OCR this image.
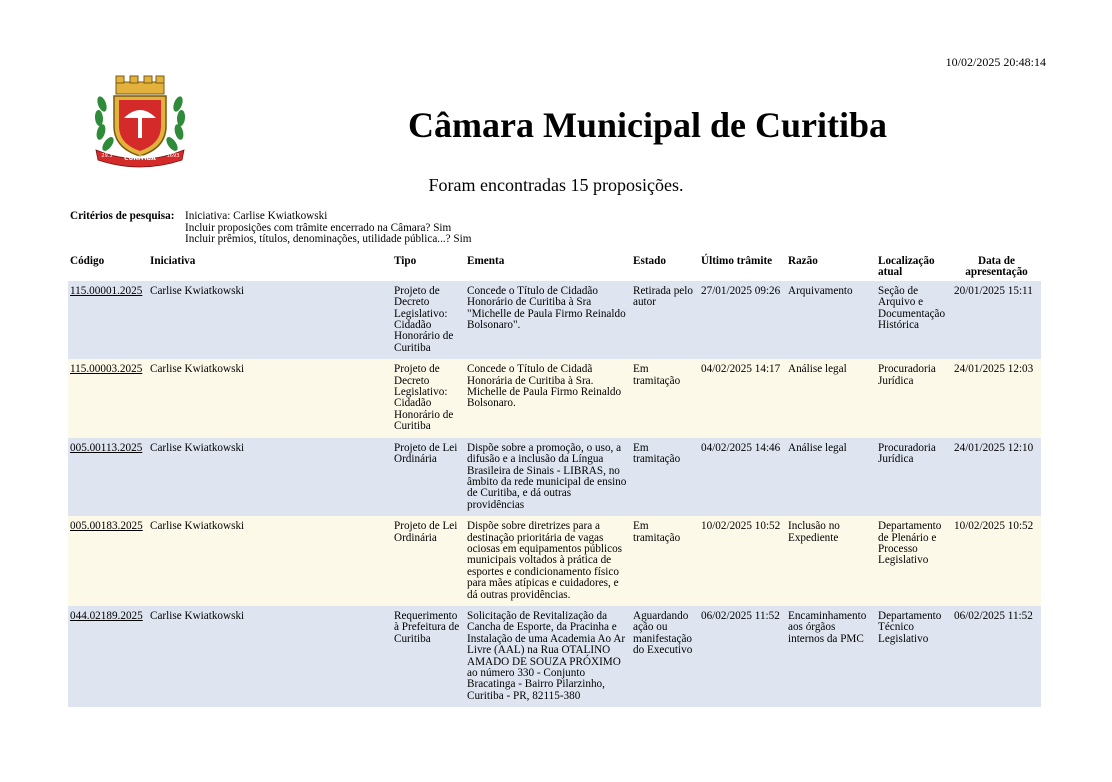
10/02/2025 20:48:14
CURITIBA
29.3	1693
Câmara Municipal de Curitiba
Foram encontradas 15 proposições.
Critérios de pesquisa: Iniciativa: Carlise Kwiatkowski
Incluir proposições com trâmite encerrado na Câmara? Sim
Incluir prêmios, títulos, denominações, utilidade pública...? Sim
Código	Iniciativa	Tipo	Ementa	Estado	Último trâmite	Razão	Localização atual	Data de apresentação
115.00001.2025	Carlise Kwiatkowski	Projeto de Decreto Legislativo: Cidadão Honorário de Curitiba	Concede o Título de Cidadão Honorário de Curitiba à Sra "Michelle de Paula Firmo Reinaldo Bolsonaro".	Retirada pelo autor	27/01/2025 09:26	Arquivamento	Seção de Arquivo e Documentação Histórica	20/01/2025 15:11
115.00003.2025	Carlise Kwiatkowski	Projeto de Decreto Legislativo: Cidadão Honorário de Curitiba	Concede o Título de Cidadã Honorária de Curitiba à Sra. Michelle de Paula Firmo Reinaldo Bolsonaro.	Em tramitação	04/02/2025 14:17	Análise legal	Procuradoria Jurídica	24/01/2025 12:03
005.00113.2025	Carlise Kwiatkowski	Projeto de Lei Ordinária	Dispõe sobre a promoção, o uso, a difusão e a inclusão da Língua Brasileira de Sinais - LIBRAS, no âmbito da rede municipal de ensino de Curitiba, e dá outras providências	Em tramitação	04/02/2025 14:46	Análise legal	Procuradoria Jurídica	24/01/2025 12:10
005.00183.2025	Carlise Kwiatkowski	Projeto de Lei Ordinária	Dispõe sobre diretrizes para a destinação prioritária de vagas ociosas em equipamentos públicos municipais voltados à prática de esportes e condicionamento físico para mães atípicas e cuidadores, e dá outras providências.	Em tramitação	10/02/2025 10:52	Inclusão no Expediente	Departamento de Plenário e Processo Legislativo	10/02/2025 10:52
044.02189.2025	Carlise Kwiatkowski	Requerimento à Prefeitura de Curitiba	Solicitação de Revitalização da Cancha de Esporte, da Pracinha e Instalação de uma Academia Ao Ar Livre (AAL) na Rua OTALINO AMADO DE SOUZA PRÓXIMO ao número 330 - Conjunto Bracatinga - Bairro Pilarzinho, Curitiba - PR, 82115-380	Aguardando ação ou manifestação do Executivo	06/02/2025 11:52	Encaminhamento aos órgãos internos da PMC	Departamento Técnico Legislativo	06/02/2025 11:52
